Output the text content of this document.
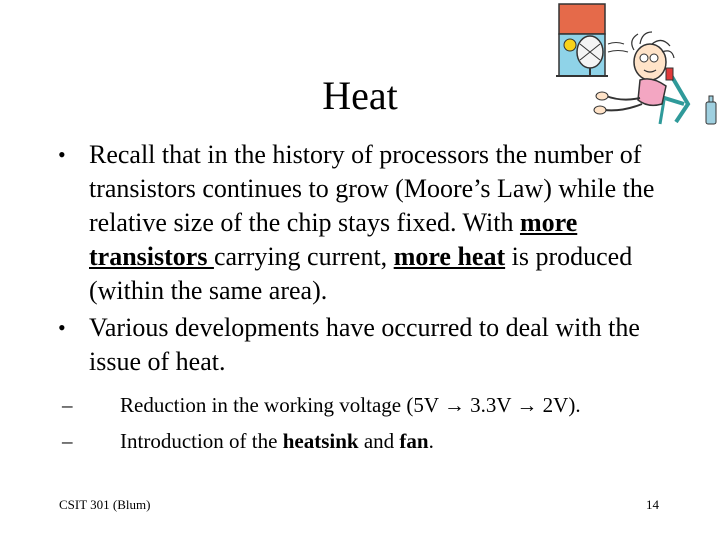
Heat
• Recall that in the history of processors the number of transistors continues to grow (Moore’s Law) while the relative size of the chip stays fixed. With more transistors carrying current, more heat is produced (within the same area).
• Various developments have occurred to deal with the issue of heat.
– Reduction in the working voltage (5V → 3.3V → 2V).
– Introduction of the heatsink and fan.
CSIT 301 (Blum)	14
